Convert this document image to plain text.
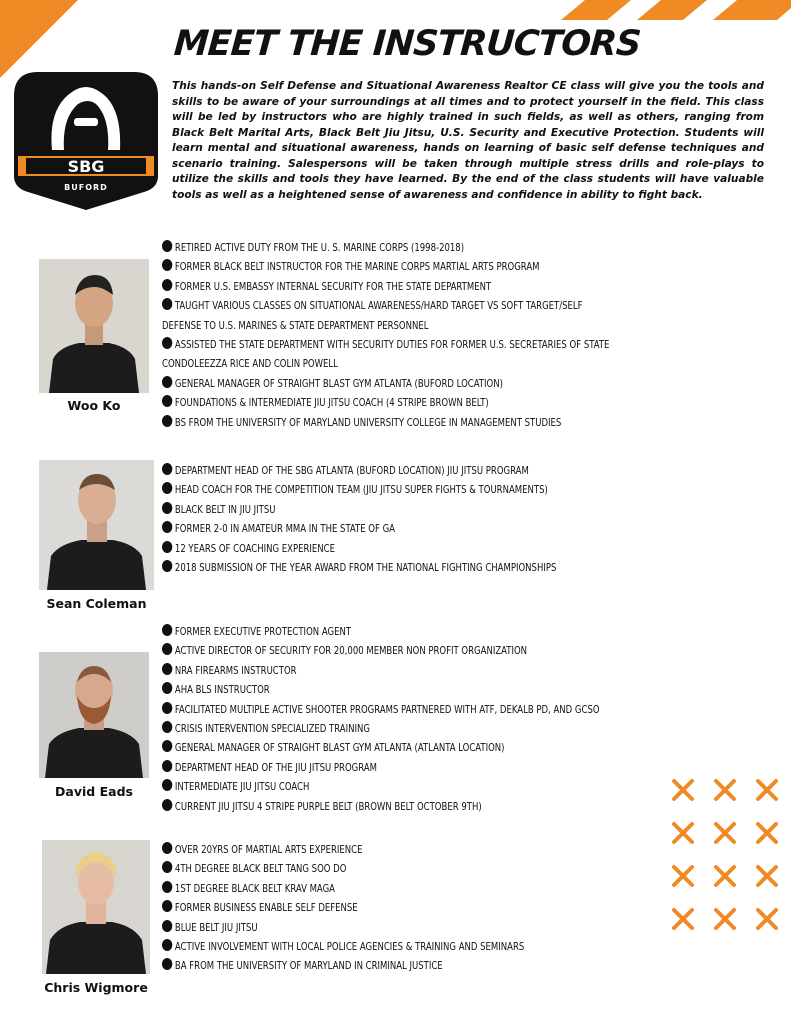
MEET THE INSTRUCTORS
SBG
BUFORD

This hands-on Self Defense and Situational Awareness Realtor CE class will give you the tools and skills to be aware of your surroundings at all times and to protect yourself in the field. This class will be led by instructors who are highly trained in such fields, as well as others, ranging from Black Belt Marital Arts, Black Belt Jiu Jitsu, U.S. Security and Executive Protection. Students will learn mental and situational awareness, hands on learning of basic self defense techniques and scenario training. Salespersons will be taken through multiple stress drills and role-plays to utilize the skills and tools they have learned. By the end of the class students will have valuable tools as well as a heightened sense of awareness and confidence in ability to fight back.

Woo Ko
RETIRED ACTIVE DUTY FROM THE U. S. MARINE CORPS (1998-2018)
FORMER BLACK BELT INSTRUCTOR FOR THE MARINE CORPS MARTIAL ARTS PROGRAM
FORMER U.S. EMBASSY INTERNAL SECURITY FOR THE STATE DEPARTMENT
TAUGHT VARIOUS CLASSES ON SITUATIONAL AWARENESS/HARD TARGET VS SOFT TARGET/SELF
DEFENSE TO U.S. MARINES & STATE DEPARTMENT PERSONNEL
ASSISTED THE STATE DEPARTMENT WITH SECURITY DUTIES FOR FORMER U.S. SECRETARIES OF STATE
CONDOLEEZZA RICE AND COLIN POWELL
GENERAL MANAGER OF STRAIGHT BLAST GYM ATLANTA (BUFORD LOCATION)
FOUNDATIONS & INTERMEDIATE JIU JITSU COACH (4 STRIPE BROWN BELT)
BS FROM THE UNIVERSITY OF MARYLAND UNIVERSITY COLLEGE IN MANAGEMENT STUDIES
Sean Coleman
DEPARTMENT HEAD OF THE SBG ATLANTA (BUFORD LOCATION) JIU JITSU PROGRAM
HEAD COACH FOR THE COMPETITION TEAM (JIU JITSU SUPER FIGHTS & TOURNAMENTS)
BLACK BELT IN JIU JITSU
FORMER 2-0 IN AMATEUR MMA IN THE STATE OF GA
12 YEARS OF COACHING EXPERIENCE
2018 SUBMISSION OF THE YEAR AWARD FROM THE NATIONAL FIGHTING CHAMPIONSHIPS
David Eads
FORMER EXECUTIVE PROTECTION AGENT
ACTIVE DIRECTOR OF SECURITY FOR 20,000 MEMBER NON PROFIT ORGANIZATION
NRA FIREARMS INSTRUCTOR
AHA BLS INSTRUCTOR
FACILITATED MULTIPLE ACTIVE SHOOTER PROGRAMS PARTNERED WITH ATF, DEKALB PD, AND GCSO
CRISIS INTERVENTION SPECIALIZED TRAINING
GENERAL MANAGER OF STRAIGHT BLAST GYM ATLANTA (ATLANTA LOCATION)
DEPARTMENT HEAD OF THE JIU JITSU PROGRAM
INTERMEDIATE JIU JITSU COACH
CURRENT JIU JITSU 4 STRIPE PURPLE BELT (BROWN BELT OCTOBER 9TH)
Chris Wigmore
OVER 20YRS OF MARTIAL ARTS EXPERIENCE
4TH DEGREE BLACK BELT TANG SOO DO
1ST DEGREE BLACK BELT KRAV MAGA
FORMER BUSINESS ENABLE SELF DEFENSE
BLUE BELT JIU JITSU
ACTIVE INVOLVEMENT WITH LOCAL POLICE AGENCIES & TRAINING AND SEMINARS
BA FROM THE UNIVERSITY OF MARYLAND IN CRIMINAL JUSTICE
